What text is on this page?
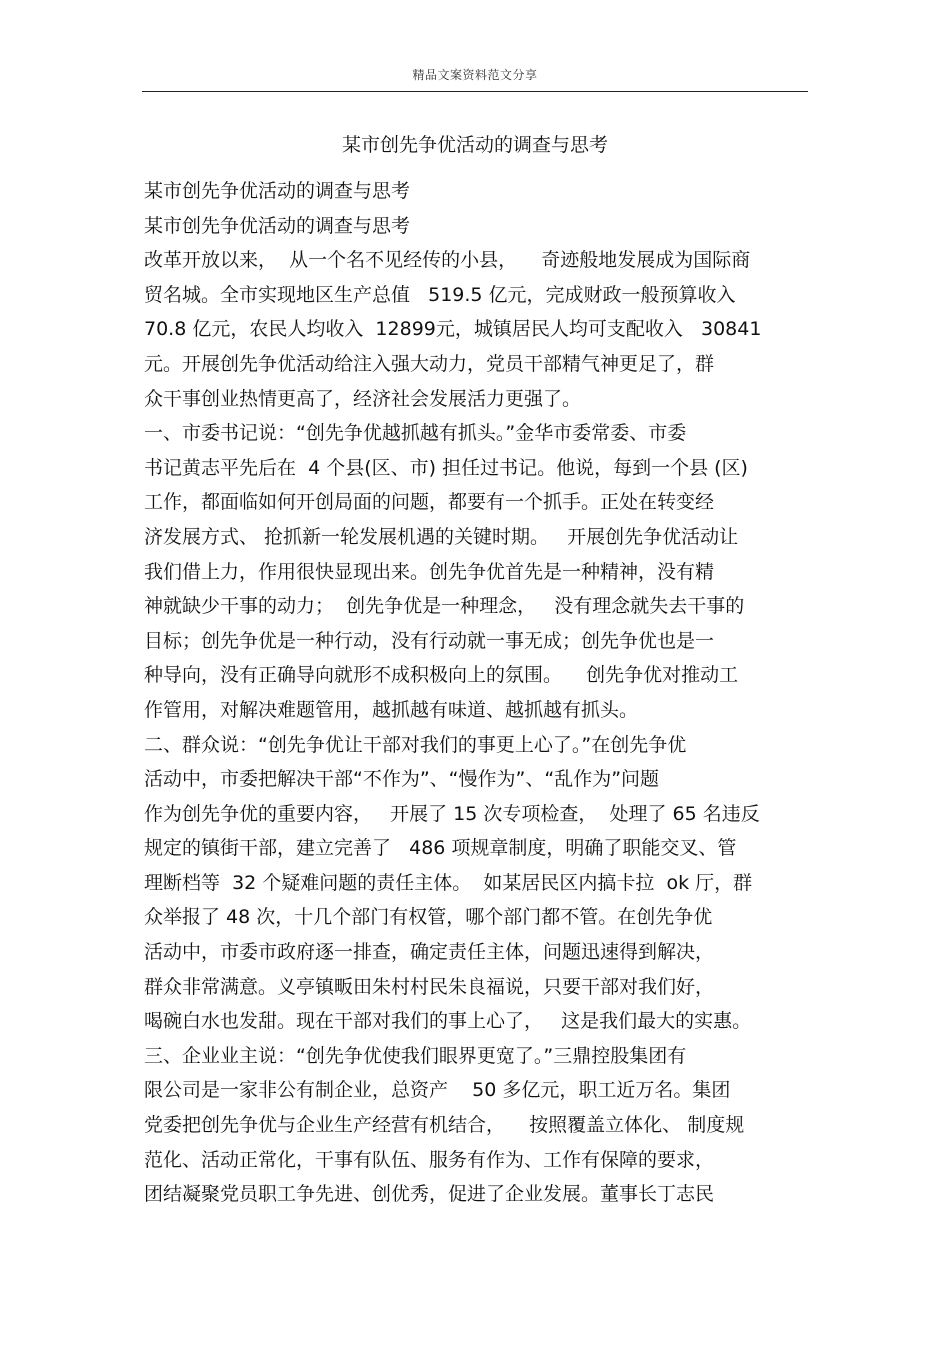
精品文案资料范文分享
某市创先争优活动的调查与思考
某市创先争优活动的调查与思考
某市创先争优活动的调查与思考
改革开放以来，  从一个名不见经传的小县，    奇迹般地发展成为国际商
贸名城。全市实现地区生产总值   519.5 亿元，完成财政一般预算收入
70.8 亿元，农民人均收入  12899元，城镇居民人均可支配收入   30841
元。开展创先争优活动给注入强大动力，党员干部精气神更足了，群
众干事创业热情更高了，经济社会发展活力更强了。
一、市委书记说：“创先争优越抓越有抓头。”金华市委常委、市委
书记黄志平先后在  4 个县(区、市) 担任过书记。他说，每到一个县 (区)
工作，都面临如何开创局面的问题，都要有一个抓手。正处在转变经
济发展方式、 抢抓新一轮发展机遇的关键时期。   开展创先争优活动让
我们借上力，作用很快显现出来。创先争优首先是一种精神，没有精
神就缺少干事的动力；  创先争优是一种理念，   没有理念就失去干事的
目标；创先争优是一种行动，没有行动就一事无成；创先争优也是一
种导向，没有正确导向就形不成积极向上的氛围。    创先争优对推动工
作管用，对解决难题管用，越抓越有味道、越抓越有抓头。
二、群众说：“创先争优让干部对我们的事更上心了。”在创先争优
活动中，市委把解决干部“不作为”、“慢作为”、“乱作为”问题
作为创先争优的重要内容，   开展了 15 次专项检查，  处理了 65 名违反
规定的镇街干部，建立完善了   486 项规章制度，明确了职能交叉、管
理断档等  32 个疑难问题的责任主体。  如某居民区内搞卡拉  ok 厅，群
众举报了 48 次，十几个部门有权管，哪个部门都不管。在创先争优
活动中，市委市政府逐一排查，确定责任主体，问题迅速得到解决，
群众非常满意。义亭镇畈田朱村村民朱良福说，只要干部对我们好，
喝碗白水也发甜。现在干部对我们的事上心了，   这是我们最大的实惠。
三、企业业主说：“创先争优使我们眼界更宽了。”三鼎控股集团有
限公司是一家非公有制企业，总资产    50 多亿元，职工近万名。集团
党委把创先争优与企业生产经营有机结合，    按照覆盖立体化、 制度规
范化、活动正常化，干事有队伍、服务有作为、工作有保障的要求，
团结凝聚党员职工争先进、创优秀，促进了企业发展。董事长丁志民
